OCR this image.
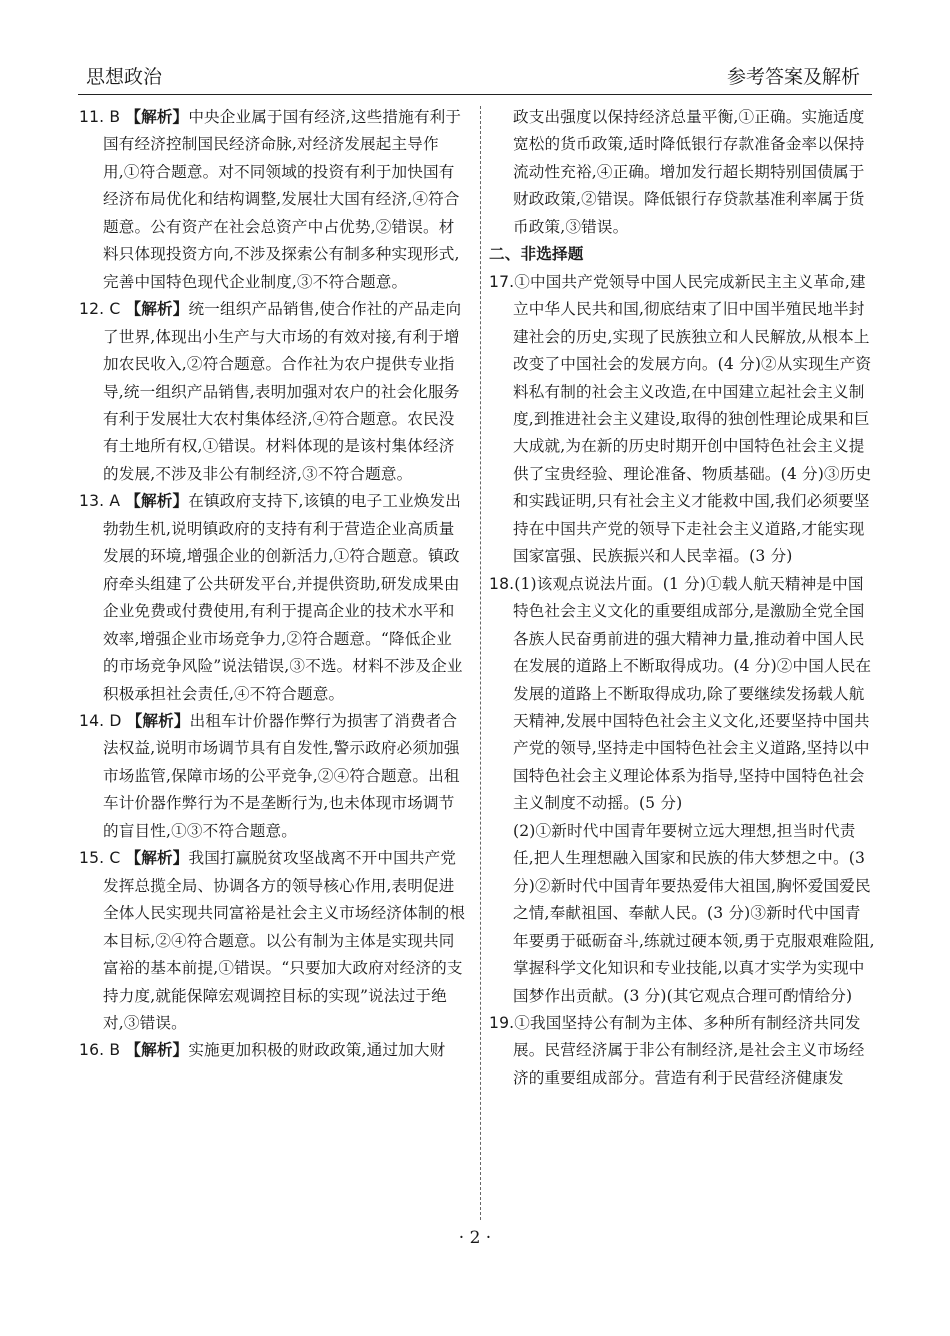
思想政治	参考答案及解析

11. B 【解析】中央企业属于国有经济,这些措施有利于国有经济控制国民经济命脉,对经济发展起主导作用,①符合题意。对不同领域的投资有利于加快国有经济布局优化和结构调整,发展壮大国有经济,④符合题意。公有资产在社会总资产中占优势,②错误。材料只体现投资方向,不涉及探索公有制多种实现形式,完善中国特色现代企业制度,③不符合题意。

12. C 【解析】统一组织产品销售,使合作社的产品走向了世界,体现出小生产与大市场的有效对接,有利于增加农民收入,②符合题意。合作社为农户提供专业指导,统一组织产品销售,表明加强对农户的社会化服务有利于发展壮大农村集体经济,④符合题意。农民没有土地所有权,①错误。材料体现的是该村集体经济的发展,不涉及非公有制经济,③不符合题意。

13. A 【解析】在镇政府支持下,该镇的电子工业焕发出勃勃生机,说明镇政府的支持有利于营造企业高质量发展的环境,增强企业的创新活力,①符合题意。镇政府牵头组建了公共研发平台,并提供资助,研发成果由企业免费或付费使用,有利于提高企业的技术水平和效率,增强企业市场竞争力,②符合题意。“降低企业的市场竞争风险”说法错误,③不选。材料不涉及企业积极承担社会责任,④不符合题意。

14. D 【解析】出租车计价器作弊行为损害了消费者合法权益,说明市场调节具有自发性,警示政府必须加强市场监管,保障市场的公平竞争,②④符合题意。出租车计价器作弊行为不是垄断行为,也未体现市场调节的盲目性,①③不符合题意。

15. C 【解析】我国打赢脱贫攻坚战离不开中国共产党发挥总揽全局、协调各方的领导核心作用,表明促进全体人民实现共同富裕是社会主义市场经济体制的根本目标,②④符合题意。以公有制为主体是实现共同富裕的基本前提,①错误。“只要加大政府对经济的支持力度,就能保障宏观调控目标的实现”说法过于绝对,③错误。

16. B 【解析】实施更加积极的财政政策,通过加大财

政支出强度以保持经济总量平衡,①正确。实施适度宽松的货币政策,适时降低银行存款准备金率以保持流动性充裕,④正确。增加发行超长期特别国债属于财政政策,②错误。降低银行存贷款基准利率属于货币政策,③错误。

二、非选择题

17.①中国共产党领导中国人民完成新民主主义革命,建立中华人民共和国,彻底结束了旧中国半殖民地半封建社会的历史,实现了民族独立和人民解放,从根本上改变了中国社会的发展方向。(4 分)②从实现生产资料私有制的社会主义改造,在中国建立起社会主义制度,到推进社会主义建设,取得的独创性理论成果和巨大成就,为在新的历史时期开创中国特色社会主义提供了宝贵经验、理论准备、物质基础。(4 分)③历史和实践证明,只有社会主义才能救中国,我们必须要坚持在中国共产党的领导下走社会主义道路,才能实现国家富强、民族振兴和人民幸福。(3 分)

18.(1)该观点说法片面。(1 分)①载人航天精神是中国特色社会主义文化的重要组成部分,是激励全党全国各族人民奋勇前进的强大精神力量,推动着中国人民在发展的道路上不断取得成功。(4 分)②中国人民在发展的道路上不断取得成功,除了要继续发扬载人航天精神,发展中国特色社会主义文化,还要坚持中国共产党的领导,坚持走中国特色社会主义道路,坚持以中国特色社会主义理论体系为指导,坚持中国特色社会主义制度不动摇。(5 分)

(2)①新时代中国青年要树立远大理想,担当时代责任,把人生理想融入国家和民族的伟大梦想之中。(3 分)②新时代中国青年要热爱伟大祖国,胸怀爱国爱民之情,奉献祖国、奉献人民。(3 分)③新时代中国青年要勇于砥砺奋斗,练就过硬本领,勇于克服艰难险阻,掌握科学文化知识和专业技能,以真才实学为实现中国梦作出贡献。(3 分)(其它观点合理可酌情给分)

19.①我国坚持公有制为主体、多种所有制经济共同发展。民营经济属于非公有制经济,是社会主义市场经济的重要组成部分。营造有利于民营经济健康发

· 2 ·
